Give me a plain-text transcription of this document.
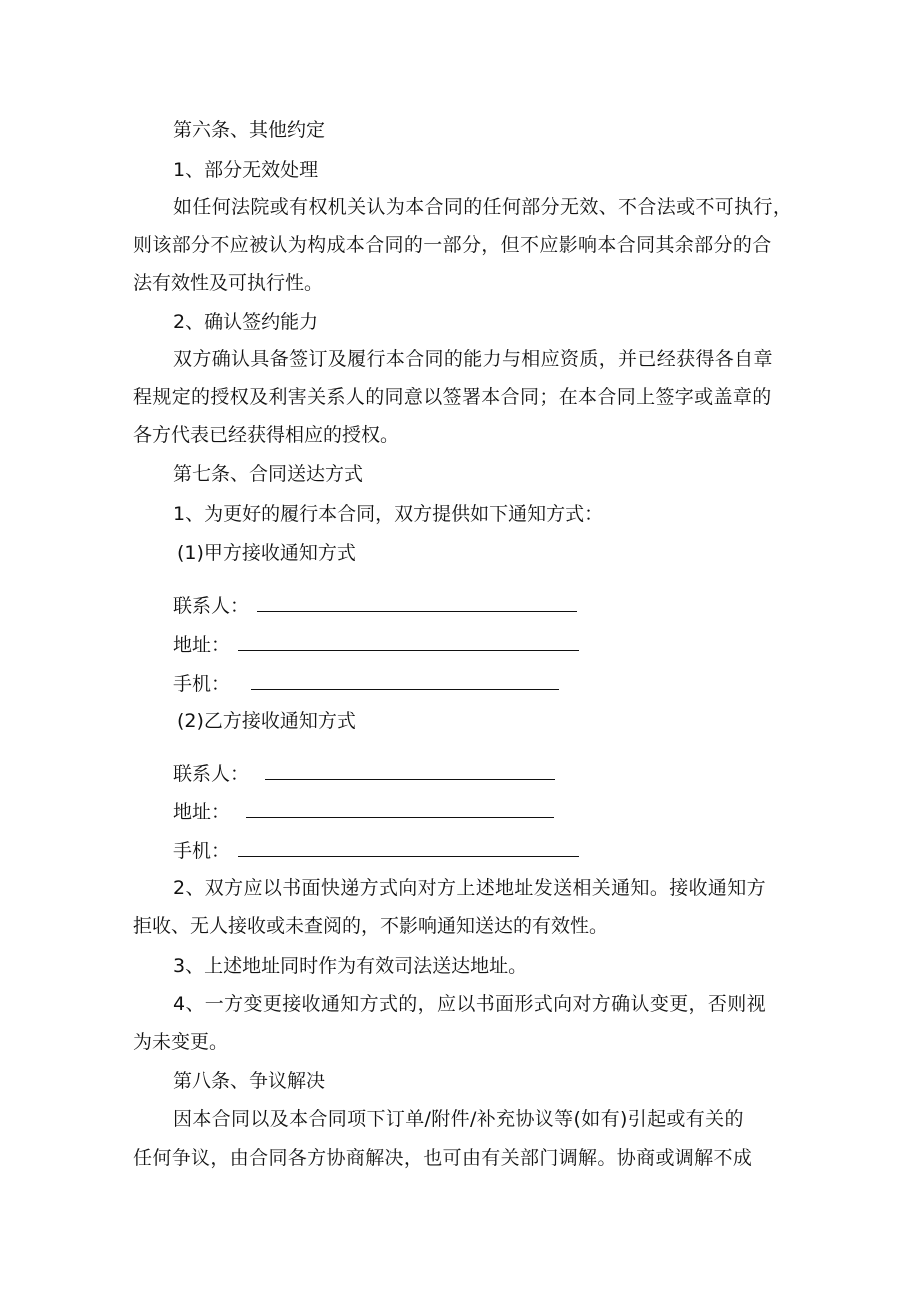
第六条、其他约定
1、部分无效处理
如任何法院或有权机关认为本合同的任何部分无效、不合法或不可执行，
则该部分不应被认为构成本合同的一部分，但不应影响本合同其余部分的合
法有效性及可执行性。
2、确认签约能力
双方确认具备签订及履行本合同的能力与相应资质，并已经获得各自章
程规定的授权及利害关系人的同意以签署本合同；在本合同上签字或盖章的
各方代表已经获得相应的授权。
第七条、合同送达方式
1、为更好的履行本合同，双方提供如下通知方式：
(1)甲方接收通知方式
联系人：
地址：
手机：
(2)乙方接收通知方式
联系人：
地址：
手机：
2、双方应以书面快递方式向对方上述地址发送相关通知。接收通知方
拒收、无人接收或未查阅的，不影响通知送达的有效性。
3、上述地址同时作为有效司法送达地址。
4、一方变更接收通知方式的，应以书面形式向对方确认变更，否则视
为未变更。
第八条、争议解决
因本合同以及本合同项下订单/附件/补充协议等(如有)引起或有关的
任何争议，由合同各方协商解决，也可由有关部门调解。协商或调解不成
